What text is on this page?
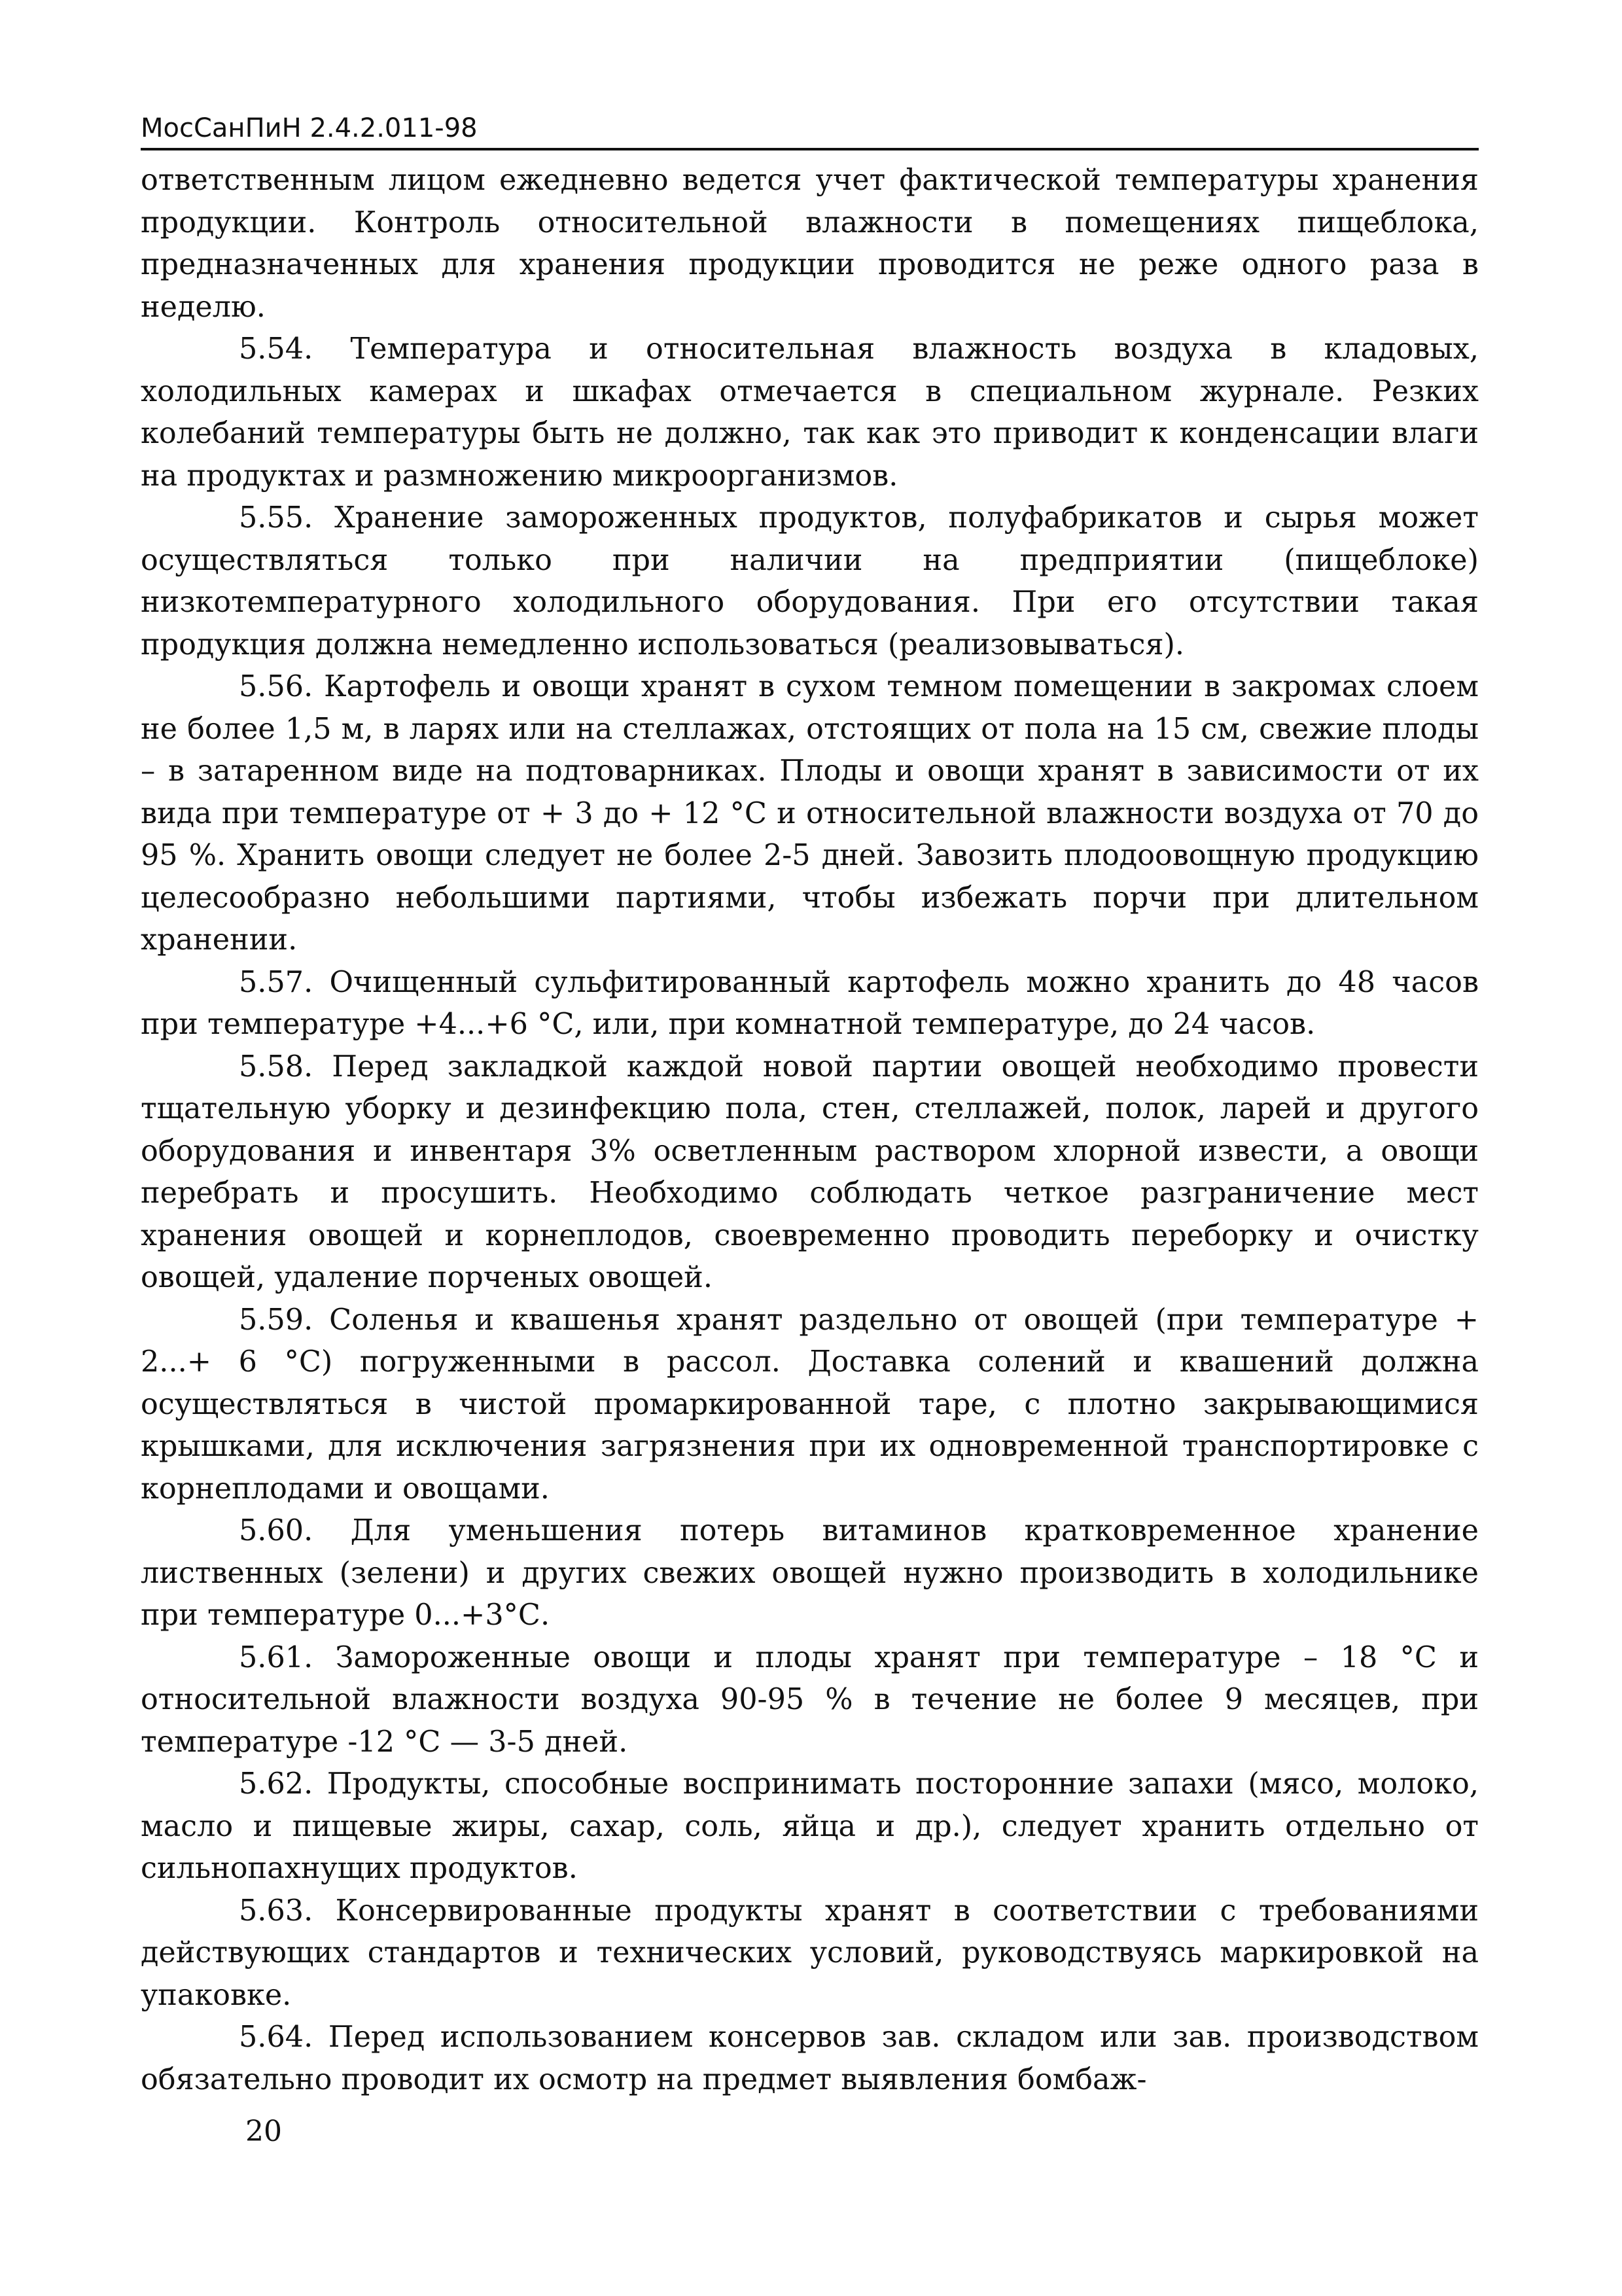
МосСанПиН 2.4.2.011-98

ответственным лицом ежедневно ведется учет фактической температуры хранения продукции. Контроль относительной влажности в помещениях пищеблока, предназначенных для хранения продукции проводится не реже одного раза в неделю.

5.54. Температура и относительная влажность воздуха в кладовых, холодильных камерах и шкафах отмечается в специальном журнале. Резких колебаний температуры быть не должно, так как это приводит к конденсации влаги на продуктах и размножению микроорганизмов.

5.55. Хранение замороженных продуктов, полуфабрикатов и сырья может осуществляться только при наличии на предприятии (пищеблоке) низкотемпературного холодильного оборудования. При его отсутствии такая продукция должна немедленно использоваться (реализовываться).

5.56. Картофель и овощи хранят в сухом темном помещении в закромах слоем не более 1,5 м, в ларях или на стеллажах, отстоящих от пола на 15 см, свежие плоды – в затаренном виде на подтоварниках. Плоды и овощи хранят в зависимости от их вида при температуре от + 3 до + 12 °С и относительной влажности воздуха от 70 до 95 %. Хранить овощи следует не более 2-5 дней. Завозить плодоовощную продукцию целесообразно небольшими партиями, чтобы избежать порчи при длительном хранении.

5.57. Очищенный сульфитированный картофель можно хранить до 48 часов при температуре +4...+6 °С, или, при комнатной температуре, до 24 часов.

5.58. Перед закладкой каждой новой партии овощей необходимо провести тщательную уборку и дезинфекцию пола, стен, стеллажей, полок, ларей и другого оборудования и инвентаря 3% осветленным раствором хлорной извести, а овощи перебрать и просушить. Необходимо соблюдать четкое разграничение мест хранения овощей и корнеплодов, своевременно проводить переборку и очистку овощей, удаление порченых овощей.

5.59. Соленья и квашенья хранят раздельно от овощей (при температуре + 2...+ 6 °С) погруженными в рассол. Доставка солений и квашений должна осуществляться в чистой промаркированной таре, с плотно закрывающимися крышками, для исключения загрязнения при их одновременной транспортировке с корнеплодами и овощами.

5.60. Для уменьшения потерь витаминов кратковременное хранение лиственных (зелени) и других свежих овощей нужно производить в холодильнике при температуре 0...+3°С.

5.61. Замороженные овощи и плоды хранят при температуре – 18 °С и относительной влажности воздуха 90-95 % в течение не более 9 месяцев, при температуре -12 °С — 3-5 дней.

5.62. Продукты, способные воспринимать посторонние запахи (мясо, молоко, масло и пищевые жиры, сахар, соль, яйца и др.), следует хранить отдельно от сильнопахнущих продуктов.

5.63. Консервированные продукты хранят в соответствии с требованиями действующих стандартов и технических условий, руководствуясь маркировкой на упаковке.

5.64. Перед использованием консервов зав. складом или зав. производством обязательно проводит их осмотр на предмет выявления бомбаж-

20
